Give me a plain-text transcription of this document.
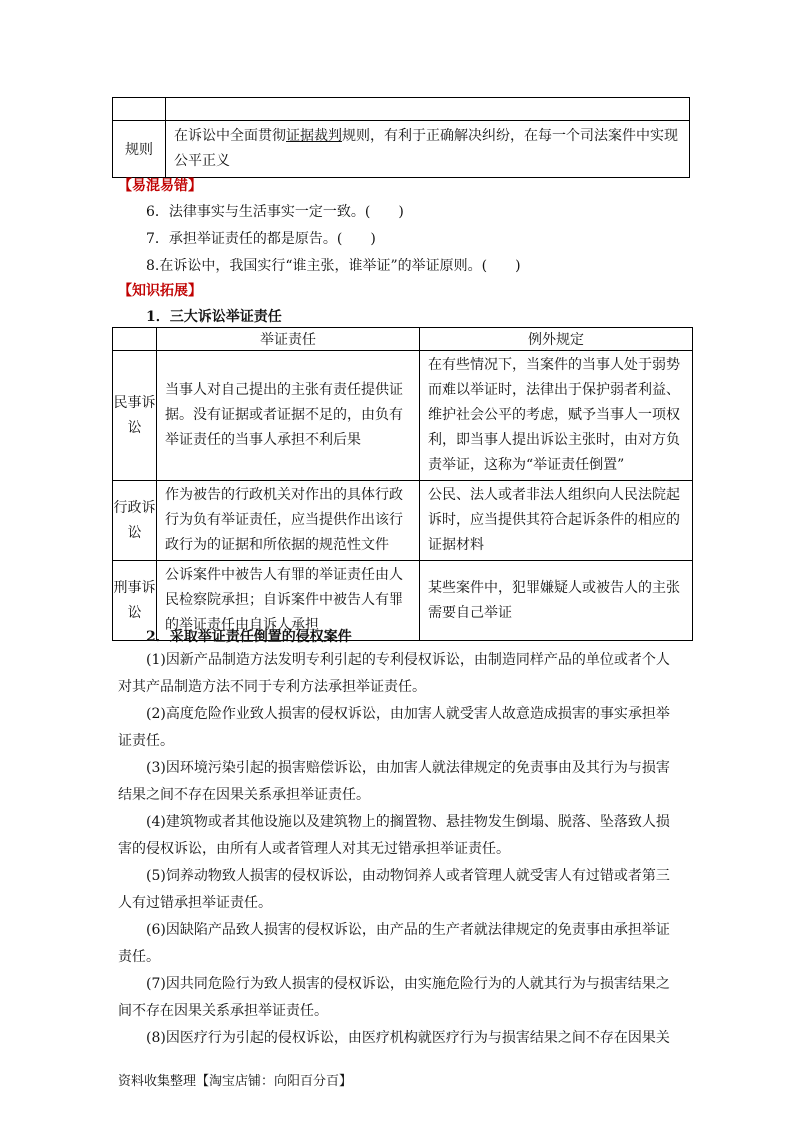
规则	在诉讼中全面贯彻证据裁判规则，有利于正确解决纠纷，在每一个司法案件中实现公平正义
【易混易错】
6．法律事实与生活事实一定一致。(　　)
7．承担举证责任的都是原告。(　　)
8.在诉讼中，我国实行“谁主张，谁举证”的举证原则。(　　)
【知识拓展】
1．三大诉讼举证责任
	举证责任	例外规定
民事诉讼	当事人对自己提出的主张有责任提供证据。没有证据或者证据不足的，由负有举证责任的当事人承担不利后果	在有些情况下，当案件的当事人处于弱势而难以举证时，法律出于保护弱者利益、维护社会公平的考虑，赋予当事人一项权利，即当事人提出诉讼主张时，由对方负责举证，这称为“举证责任倒置”
行政诉讼	作为被告的行政机关对作出的具体行政行为负有举证责任，应当提供作出该行政行为的证据和所依据的规范性文件	公民、法人或者非法人组织向人民法院起诉时，应当提供其符合起诉条件的相应的证据材料
刑事诉讼	公诉案件中被告人有罪的举证责任由人民检察院承担；自诉案件中被告人有罪的举证责任由自诉人承担	某些案件中，犯罪嫌疑人或被告人的主张需要自己举证
2．采取举证责任倒置的侵权案件
(1)因新产品制造方法发明专利引起的专利侵权诉讼，由制造同样产品的单位或者个人对其产品制造方法不同于专利方法承担举证责任。
(2)高度危险作业致人损害的侵权诉讼，由加害人就受害人故意造成损害的事实承担举证责任。
(3)因环境污染引起的损害赔偿诉讼，由加害人就法律规定的免责事由及其行为与损害结果之间不存在因果关系承担举证责任。
(4)建筑物或者其他设施以及建筑物上的搁置物、悬挂物发生倒塌、脱落、坠落致人损害的侵权诉讼，由所有人或者管理人对其无过错承担举证责任。
(5)饲养动物致人损害的侵权诉讼，由动物饲养人或者管理人就受害人有过错或者第三人有过错承担举证责任。
(6)因缺陷产品致人损害的侵权诉讼，由产品的生产者就法律规定的免责事由承担举证责任。
(7)因共同危险行为致人损害的侵权诉讼，由实施危险行为的人就其行为与损害结果之间不存在因果关系承担举证责任。
(8)因医疗行为引起的侵权诉讼，由医疗机构就医疗行为与损害结果之间不存在因果关
资料收集整理【淘宝店铺：向阳百分百】
